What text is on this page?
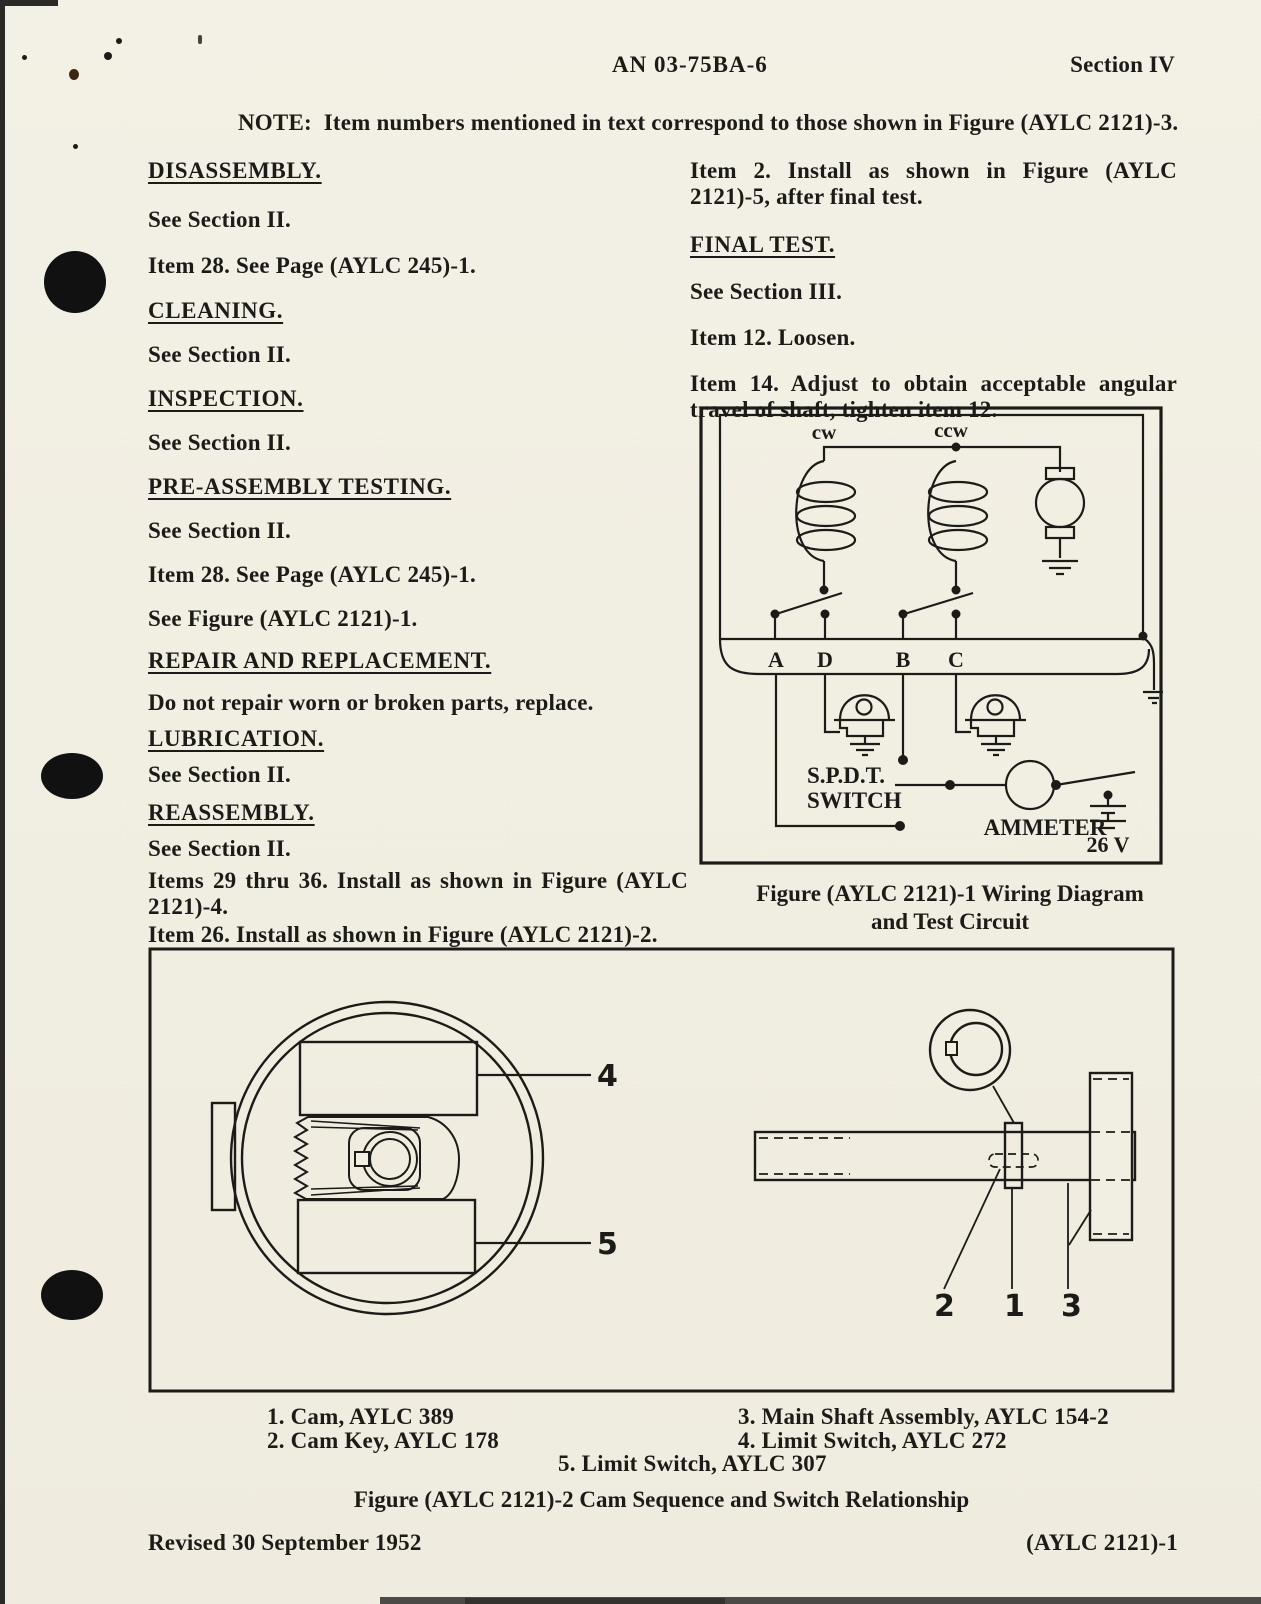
AN 03-75BA-6	Section IV
NOTE:  Item numbers mentioned in text correspond to those shown in Figure (AYLC 2121)-3.
DISASSEMBLY.
See Section II.
Item 28. See Page (AYLC 245)-1.
CLEANING.
See Section II.
INSPECTION.
See Section II.
PRE-ASSEMBLY TESTING.
See Section II.
Item 28. See Page (AYLC 245)-1.
See Figure (AYLC 2121)-1.
REPAIR AND REPLACEMENT.
Do not repair worn or broken parts, replace.
LUBRICATION.
See Section II.
REASSEMBLY.
See Section II.
Items 29 thru 36. Install as shown in Figure (AYLC 2121)-4.
Item 26. Install as shown in Figure (AYLC 2121)-2.
Item 2. Install as shown in Figure (AYLC 2121)-5, after final test.
FINAL TEST.
See Section III.
Item 12. Loosen.
Item 14. Adjust to obtain acceptable angular travel of shaft, tighten item 12.
cw	ccw
A D	B C
S.P.D.T.
SWITCH
AMMETER
26 V
Figure (AYLC 2121)-1 Wiring Diagram
and Test Circuit
4
5
2 1 3
1. Cam, AYLC 389
2. Cam Key, AYLC 178
3. Main Shaft Assembly, AYLC 154-2
4. Limit Switch, AYLC 272
5. Limit Switch, AYLC 307
Figure (AYLC 2121)-2 Cam Sequence and Switch Relationship
Revised 30 September 1952	(AYLC 2121)-1
